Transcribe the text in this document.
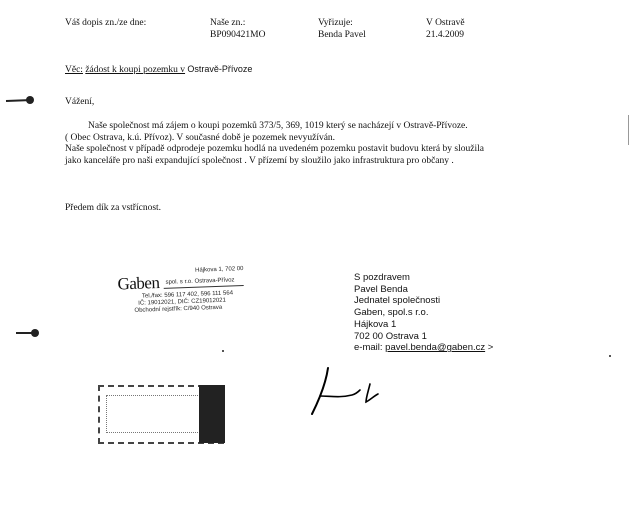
Váš dopis zn./ze dne:	Naše zn.:
BP090421MO
Vyřizuje:
Benda Pavel
V Ostravě
21.4.2009
Věc: žádost k koupi pozemku v Ostravě-Přívoze
Vážení,
Naše společnost má zájem o koupi pozemků 373/5, 369, 1019 který se nacházejí v Ostravě-Přívoze.
( Obec Ostrava, k.ú. Přívoz). V současné době je pozemek nevyužíván.
Naše společnost v případě odprodeje pozemku hodlá na uvedeném pozemku postavit budovu která by sloužila
jako kanceláře pro naši expandující společnost . V přízemí by sloužilo jako infrastruktura pro občany .
Předem dík za vstřícnost.
Gaben
Hájkova 1, 702 00
spol. s r.o. Ostrava-Přívoz
Tel./fax: 596 117 402, 596 111 564
IČ: 19012021, DIČ: CZ19012021
Obchodní rejstřík: C/940 Ostrava
S pozdravem
Pavel Benda
Jednatel společnosti
Gaben, spol.s r.o.
Hájkova 1
702 00 Ostrava 1
e-mail: pavel.benda@gaben.cz >
